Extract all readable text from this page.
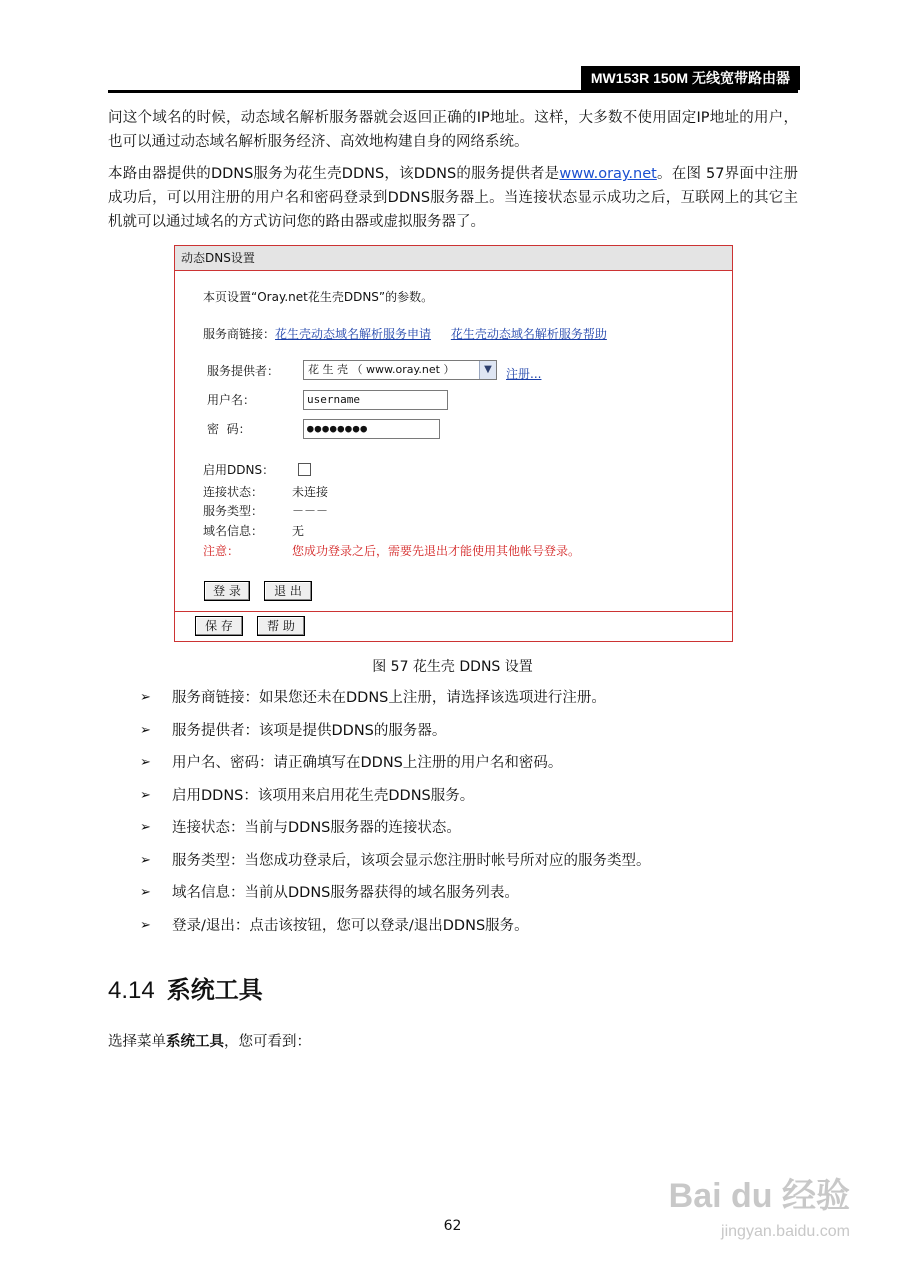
MW153R 150M 无线宽带路由器
问这个域名的时候，动态域名解析服务器就会返回正确的IP地址。这样，大多数不使用固定IP地址的用户，也可以通过动态域名解析服务经济、高效地构建自身的网络系统。
本路由器提供的DDNS服务为花生壳DDNS，该DDNS的服务提供者是www.oray.net。在图 57界面中注册成功后，可以用注册的用户名和密码登录到DDNS服务器上。当连接状态显示成功之后，互联网上的其它主机就可以通过域名的方式访问您的路由器或虚拟服务器了。
动态DNS设置
本页设置“Oray.net花生壳DDNS”的参数。
服务商链接：花生壳动态域名解析服务申请 花生壳动态域名解析服务帮助
服务提供者：	花 生 壳 （ www.oray.net ）	▼	注册...
用户名：	username
密  码：	●●●●●●●●
启用DDNS：
连接状态： 未连接
服务类型： －－－
域名信息： 无
注意：	您成功登录之后，需要先退出才能使用其他帐号登录。
登 录	退 出
保 存	帮 助
图 57 花生壳 DDNS 设置
➢ 服务商链接：如果您还未在DDNS上注册，请选择该选项进行注册。
➢ 服务提供者：该项是提供DDNS的服务器。
➢ 用户名、密码：请正确填写在DDNS上注册的用户名和密码。
➢ 启用DDNS：该项用来启用花生壳DDNS服务。
➢ 连接状态：当前与DDNS服务器的连接状态。
➢ 服务类型：当您成功登录后，该项会显示您注册时帐号所对应的服务类型。
➢ 域名信息：当前从DDNS服务器获得的域名服务列表。
➢ 登录/退出：点击该按钮，您可以登录/退出DDNS服务。
4.14 系统工具
选择菜单系统工具，您可看到：
62
Bai du 经验
jingyan.baidu.com
